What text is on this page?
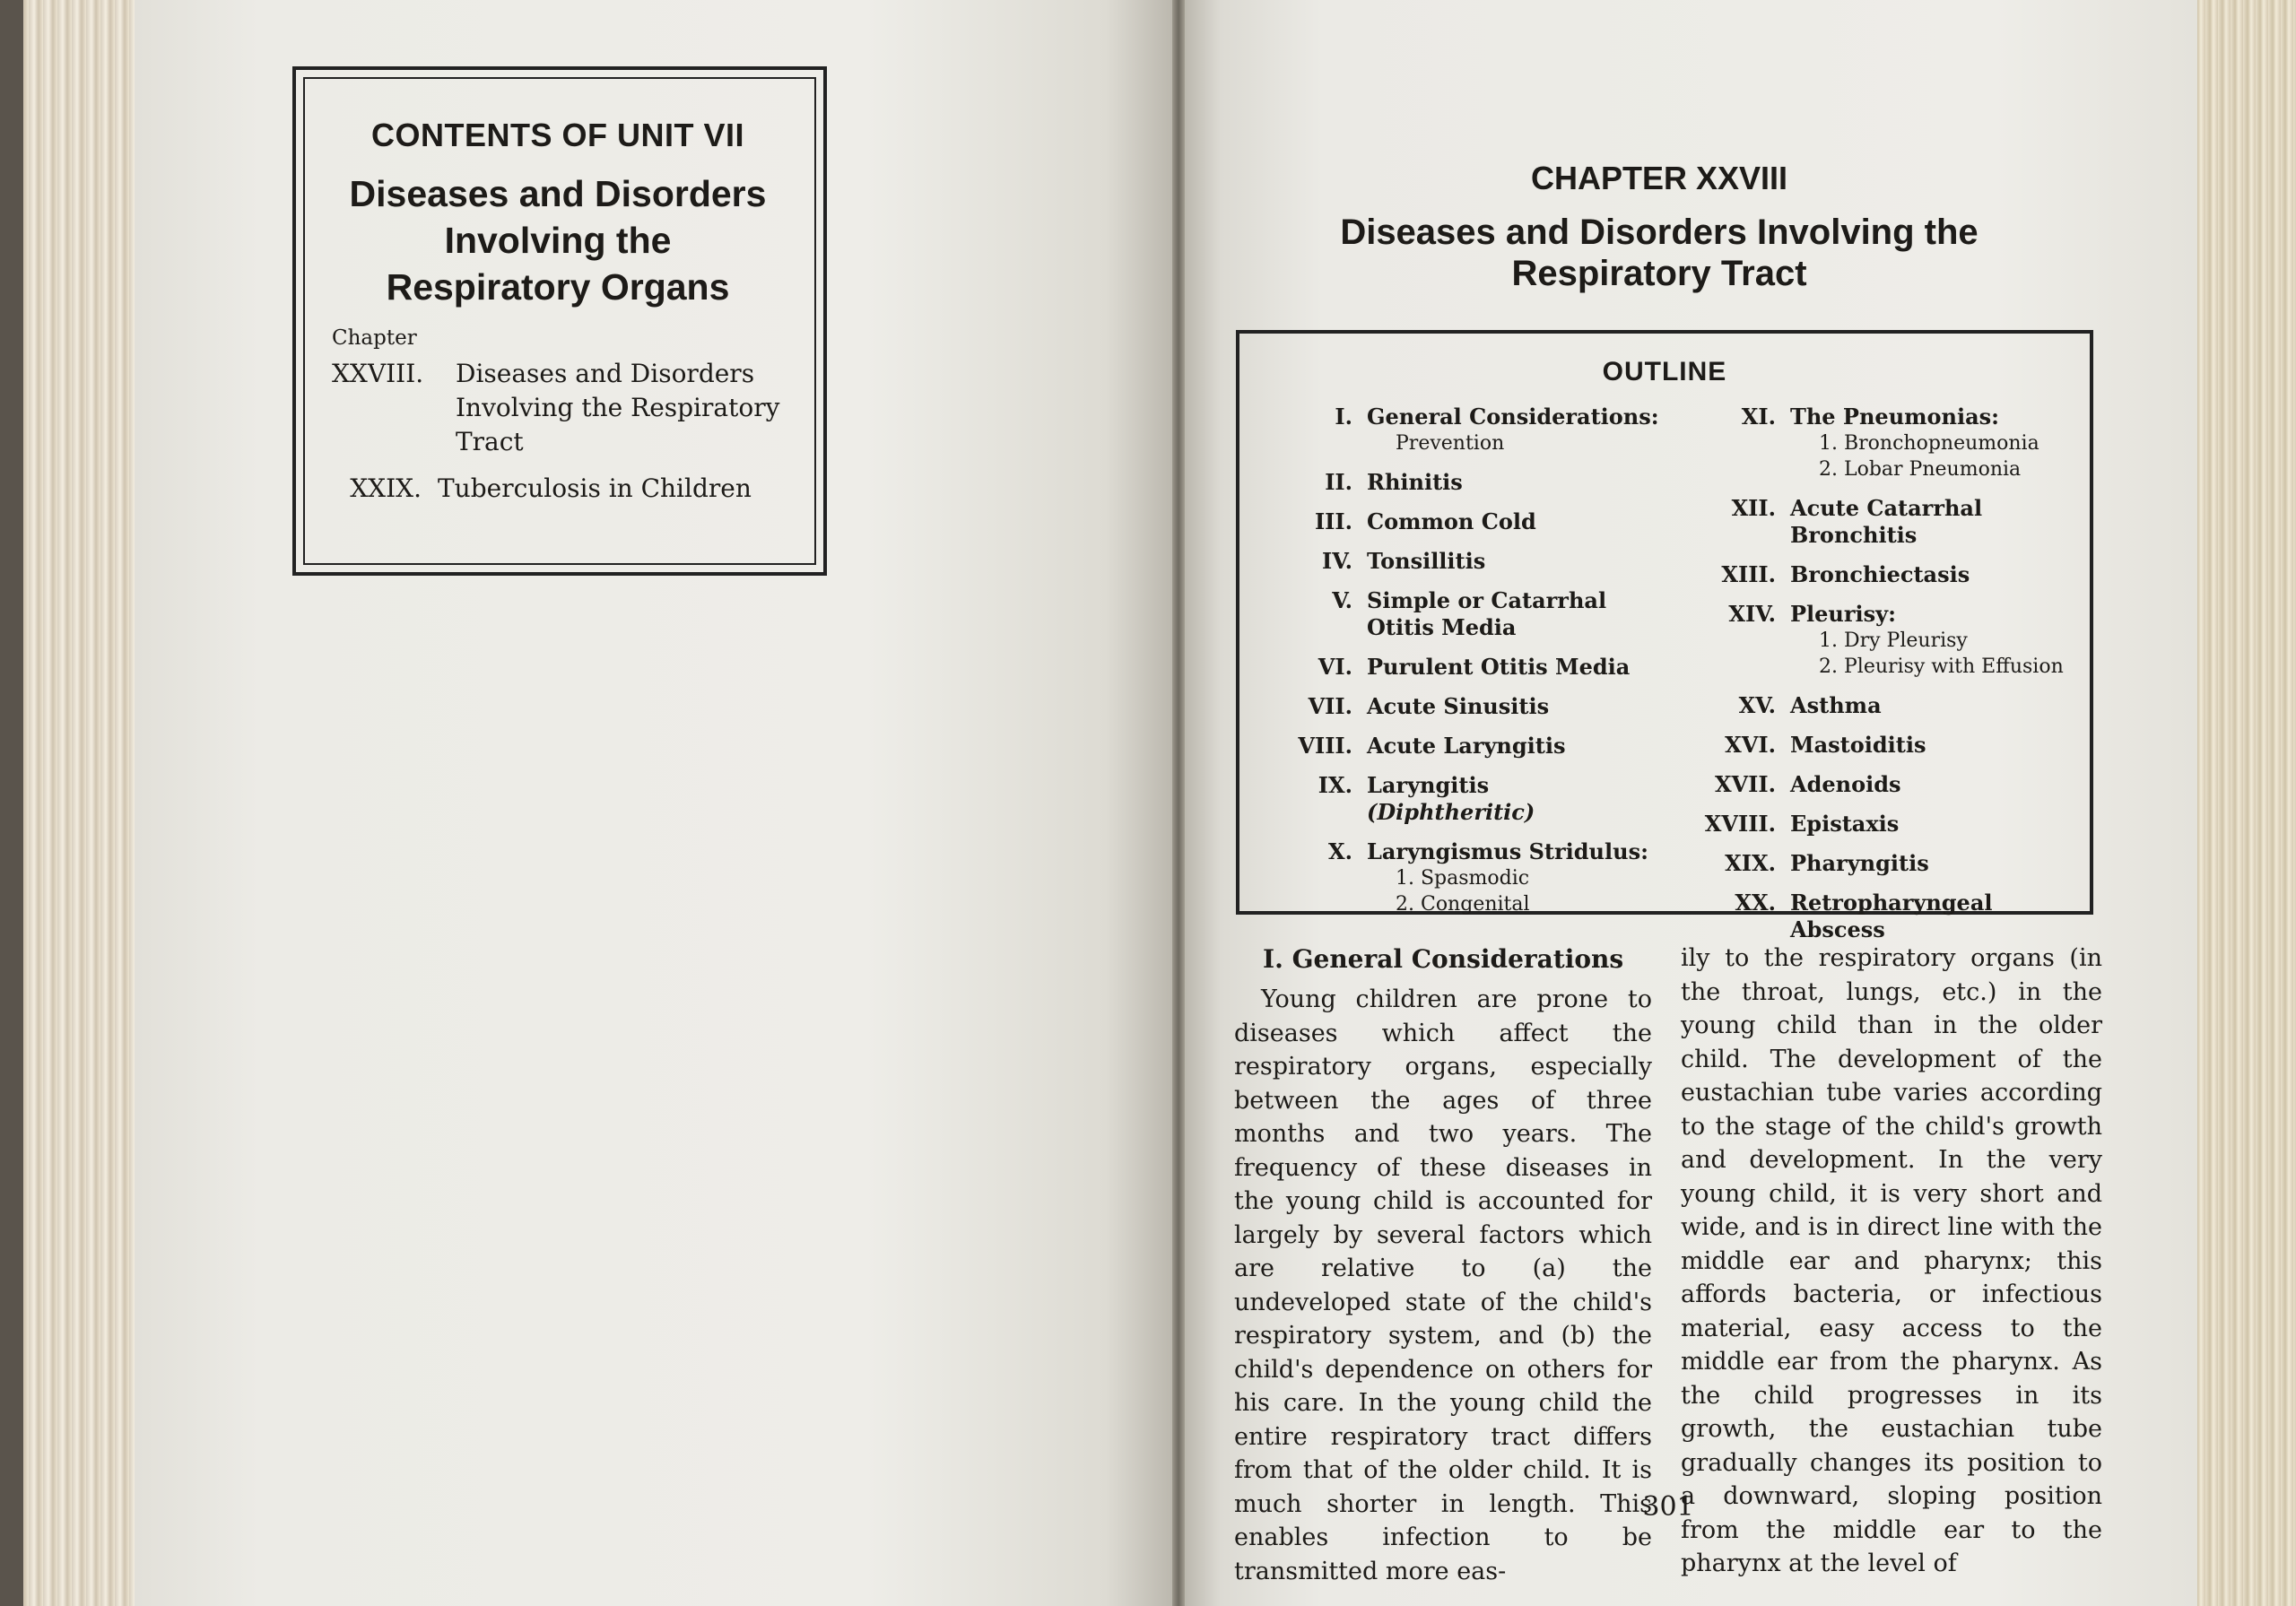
CONTENTS OF UNIT VII
Diseases and Disorders
Involving the
Respiratory Organs
Chapter
XXVIII.	Diseases and Disorders Involving the Respiratory Tract
XXIX. Tuberculosis in Children
CHAPTER XXVIII
Diseases and Disorders Involving the
Respiratory Tract
OUTLINE
I. General Considerations:
Prevention
II. Rhinitis
III. Common Cold
IV. Tonsillitis
V. Simple or Catarrhal Otitis Media
VI. Purulent Otitis Media
VII. Acute Sinusitis
VIII. Acute Laryngitis
IX. Laryngitis (Diphtheritic)
X. Laryngismus Stridulus:
1. Spasmodic
2. Congenital
XI. The Pneumonias:
1. Bronchopneumonia
2. Lobar Pneumonia
XII. Acute Catarrhal Bronchitis
XIII. Bronchiectasis
XIV. Pleurisy:
1. Dry Pleurisy
2. Pleurisy with Effusion
XV. Asthma
XVI. Mastoiditis
XVII. Adenoids
XVIII. Epistaxis
XIX. Pharyngitis
XX. Retropharyngeal Abscess
I. General Considerations
Young children are prone to diseases which affect the respiratory organs, especially between the ages of three months and two years. The frequency of these diseases in the young child is accounted for largely by several factors which are relative to (a) the undeveloped state of the child's respiratory system, and (b) the child's dependence on others for his care. In the young child the entire respiratory tract differs from that of the older child. It is much shorter in length. This enables infection to be transmitted more eas-
ily to the respiratory organs (in the throat, lungs, etc.) in the young child than in the older child. The development of the eustachian tube varies according to the stage of the child's growth and development. In the very young child, it is very short and wide, and is in direct line with the middle ear and pharynx; this affords bacteria, or infectious material, easy access to the middle ear from the pharynx. As the child progresses in its growth, the eustachian tube gradually changes its position to a downward, sloping position from the middle ear to the pharynx at the level of
301
